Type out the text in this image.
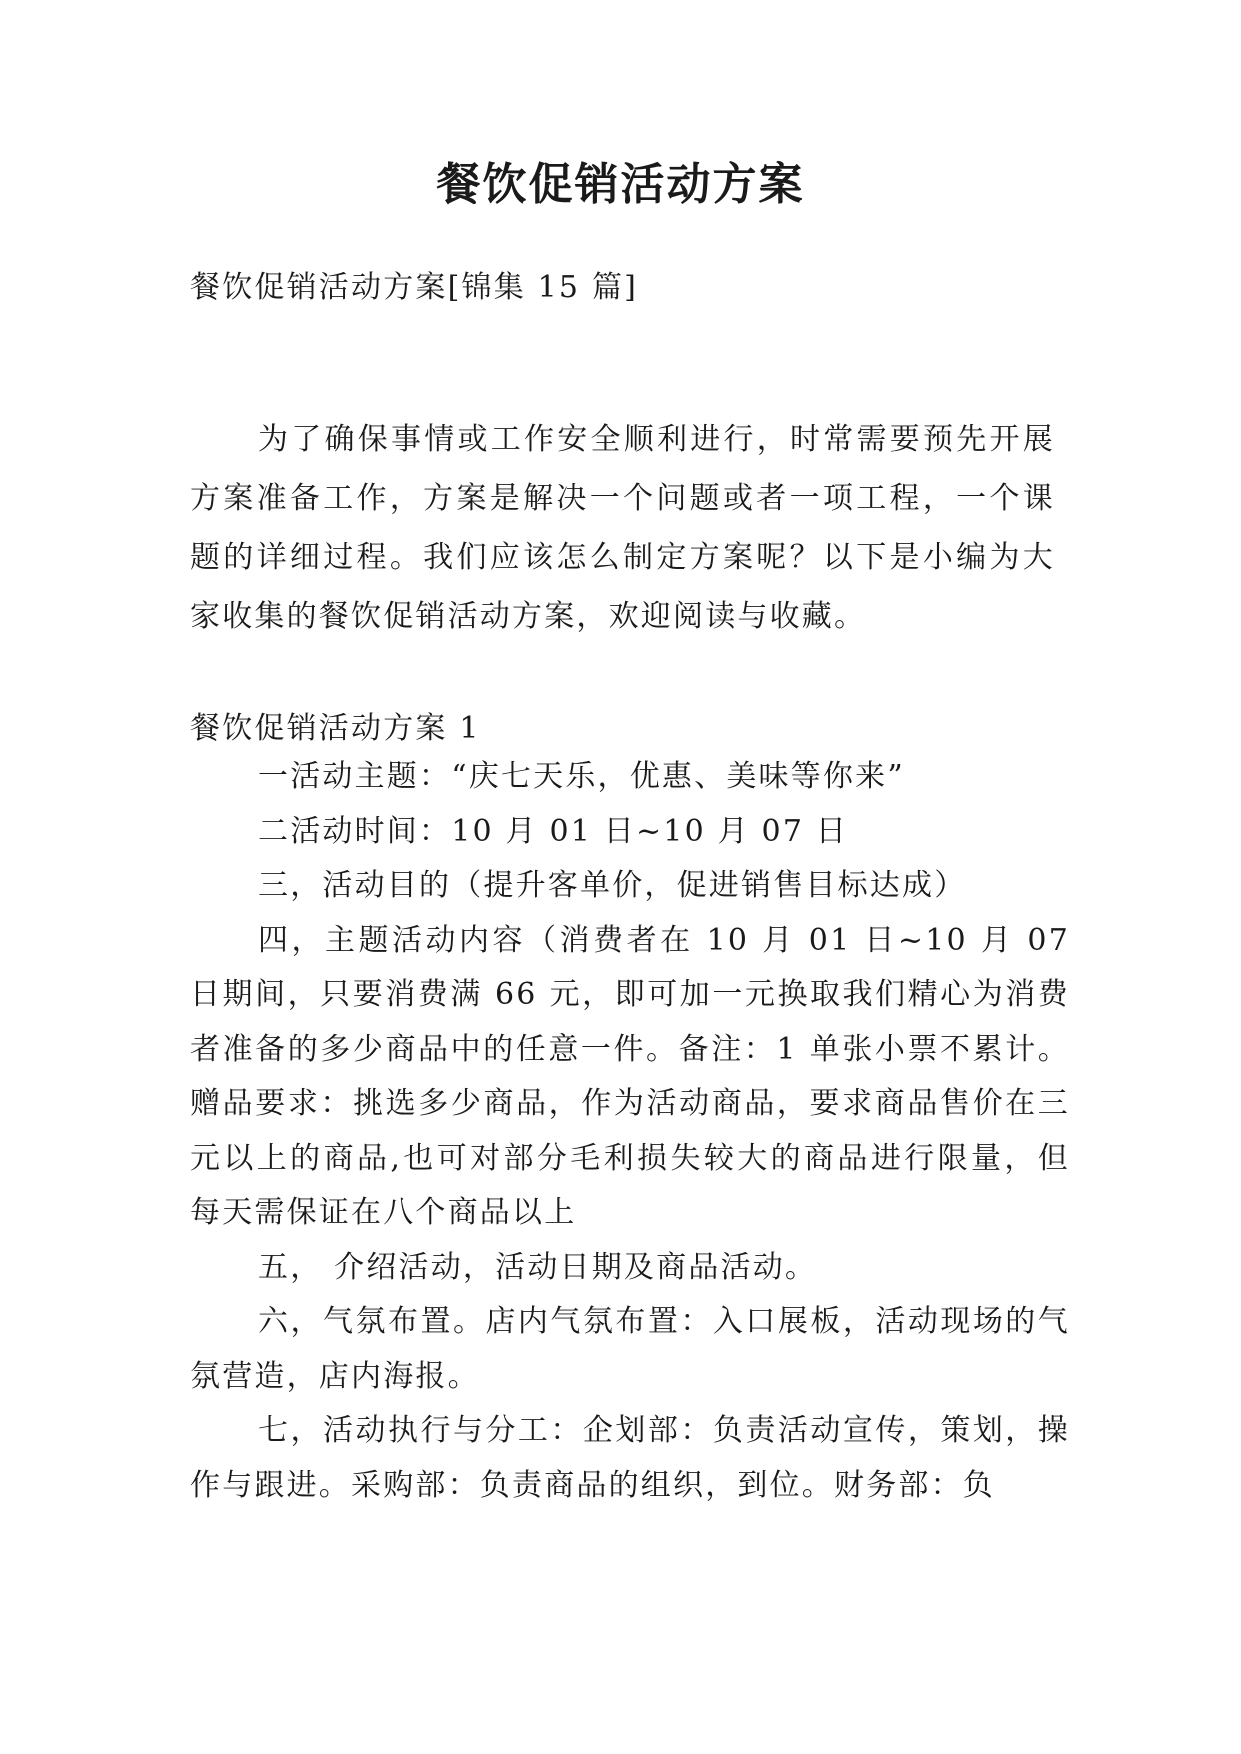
餐饮促销活动方案

餐饮促销活动方案[锦集 15 篇]

为了确保事情或工作安全顺利进行，时常需要预先开展方案准备工作，方案是解决一个问题或者一项工程，一个课题的详细过程。我们应该怎么制定方案呢？以下是小编为大家收集的餐饮促销活动方案，欢迎阅读与收藏。

餐饮促销活动方案 1

一活动主题：“庆七天乐，优惠、美味等你来”

二活动时间：10 月 01 日~10 月 07 日

三，活动目的（提升客单价，促进销售目标达成）

四，主题活动内容（消费者在 10 月 01 日~10 月 07 日期间，只要消费满 66 元，即可加一元换取我们精心为消费者准备的多少商品中的任意一件。备注：1 单张小票不累计。赠品要求：挑选多少商品，作为活动商品，要求商品售价在三元以上的商品,也可对部分毛利损失较大的商品进行限量，但每天需保证在八个商品以上

五， 介绍活动，活动日期及商品活动。

六，气氛布置。店内气氛布置：入口展板，活动现场的气氛营造，店内海报。

七，活动执行与分工：企划部：负责活动宣传，策划，操作与跟进。采购部：负责商品的组织，到位。财务部：负
